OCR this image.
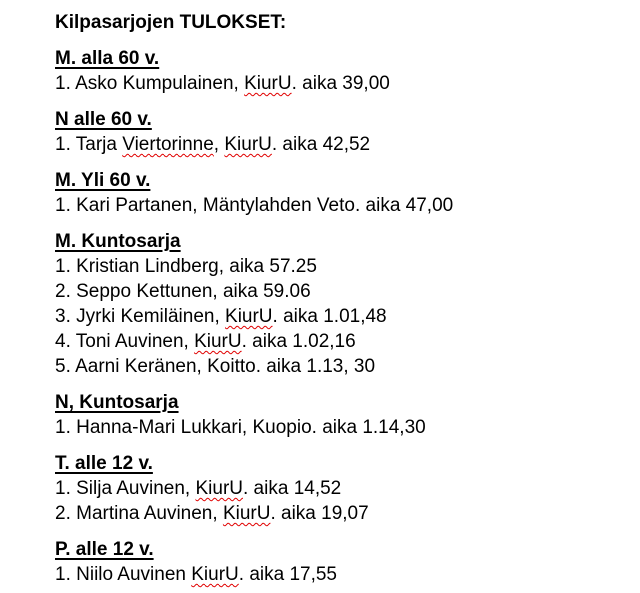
Kilpasarjojen TULOKSET:

M. alla 60 v.

1. Asko Kumpulainen, KiurU. aika 39,00

N alle 60 v.

1. Tarja Viertorinne, KiurU. aika 42,52

M. Yli 60 v.

1. Kari Partanen, Mäntylahden Veto. aika 47,00

M. Kuntosarja

1. Kristian Lindberg, aika 57.25

2. Seppo Kettunen, aika 59.06

3. Jyrki Kemiläinen, KiurU. aika 1.01,48

4. Toni Auvinen, KiurU. aika 1.02,16

5. Aarni Keränen, Koitto. aika 1.13, 30

N, Kuntosarja

1. Hanna-Mari Lukkari, Kuopio. aika 1.14,30

T. alle 12 v.

1. Silja Auvinen, KiurU. aika 14,52

2. Martina Auvinen, KiurU. aika 19,07

P. alle 12 v.

1. Niilo Auvinen KiurU. aika 17,55
